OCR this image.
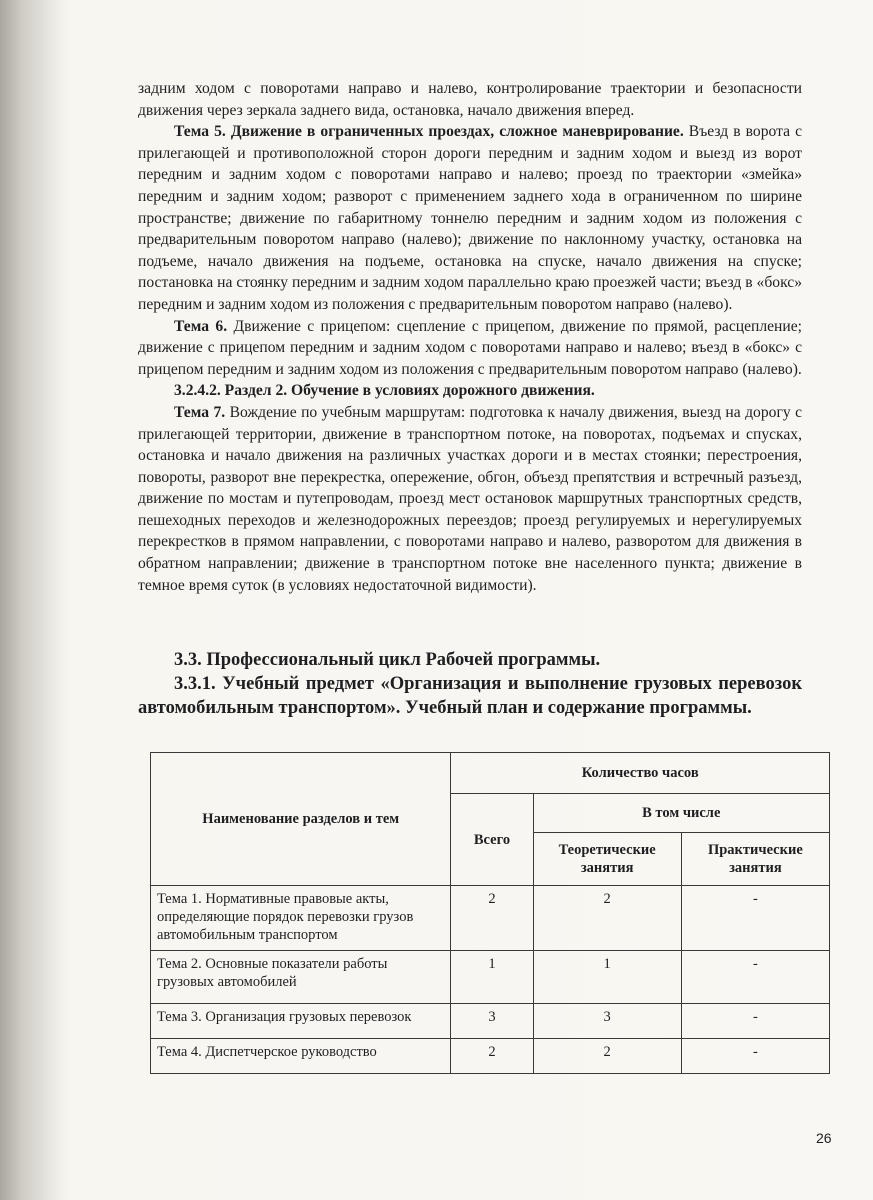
задним ходом с поворотами направо и налево, контролирование траектории и безопасности движения через зеркала заднего вида, остановка, начало движения вперед.

Тема 5. Движение в ограниченных проездах, сложное маневрирование. Въезд в ворота с прилегающей и противоположной сторон дороги передним и задним ходом и выезд из ворот передним и задним ходом с поворотами направо и налево; проезд по траектории «змейка» передним и задним ходом; разворот с применением заднего хода в ограниченном по ширине пространстве; движение по габаритному тоннелю передним и задним ходом из положения с предварительным поворотом направо (налево); движение по наклонному участку, остановка на подъеме, начало движения на подъеме, остановка на спуске, начало движения на спуске; постановка на стоянку передним и задним ходом параллельно краю проезжей части; въезд в «бокс» передним и задним ходом из положения с предварительным поворотом направо (налево).

Тема 6. Движение с прицепом: сцепление с прицепом, движение по прямой, расцепление; движение с прицепом передним и задним ходом с поворотами направо и налево; въезд в «бокс» с прицепом передним и задним ходом из положения с предварительным поворотом направо (налево).

3.2.4.2. Раздел 2. Обучение в условиях дорожного движения.

Тема 7. Вождение по учебным маршрутам: подготовка к началу движения, выезд на дорогу с прилегающей территории, движение в транспортном потоке, на поворотах, подъемах и спусках, остановка и начало движения на различных участках дороги и в местах стоянки; перестроения, повороты, разворот вне перекрестка, опережение, обгон, объезд препятствия и встречный разъезд, движение по мостам и путепроводам, проезд мест остановок маршрутных транспортных средств, пешеходных переходов и железнодорожных переездов; проезд регулируемых и нерегулируемых перекрестков в прямом направлении, с поворотами направо и налево, разворотом для движения в обратном направлении; движение в транспортном потоке вне населенного пункта; движение в темное время суток (в условиях недостаточной видимости).

3.3. Профессиональный цикл Рабочей программы.

3.3.1. Учебный предмет «Организация и выполнение грузовых перевозок автомобильным транспортом». Учебный план и содержание программы.

Наименование разделов и тем	Количество часов		
	Всего	В том числе	
		Теоретические занятия	Практические занятия
Тема 1. Нормативные правовые акты, определяющие порядок перевозки грузов автомобильным транспортом	2	2	-
Тема 2. Основные показатели работы грузовых автомобилей	1	1	-
Тема 3. Организация грузовых перевозок	3	3	-
Тема 4. Диспетчерское руководство	2	2	-
26
